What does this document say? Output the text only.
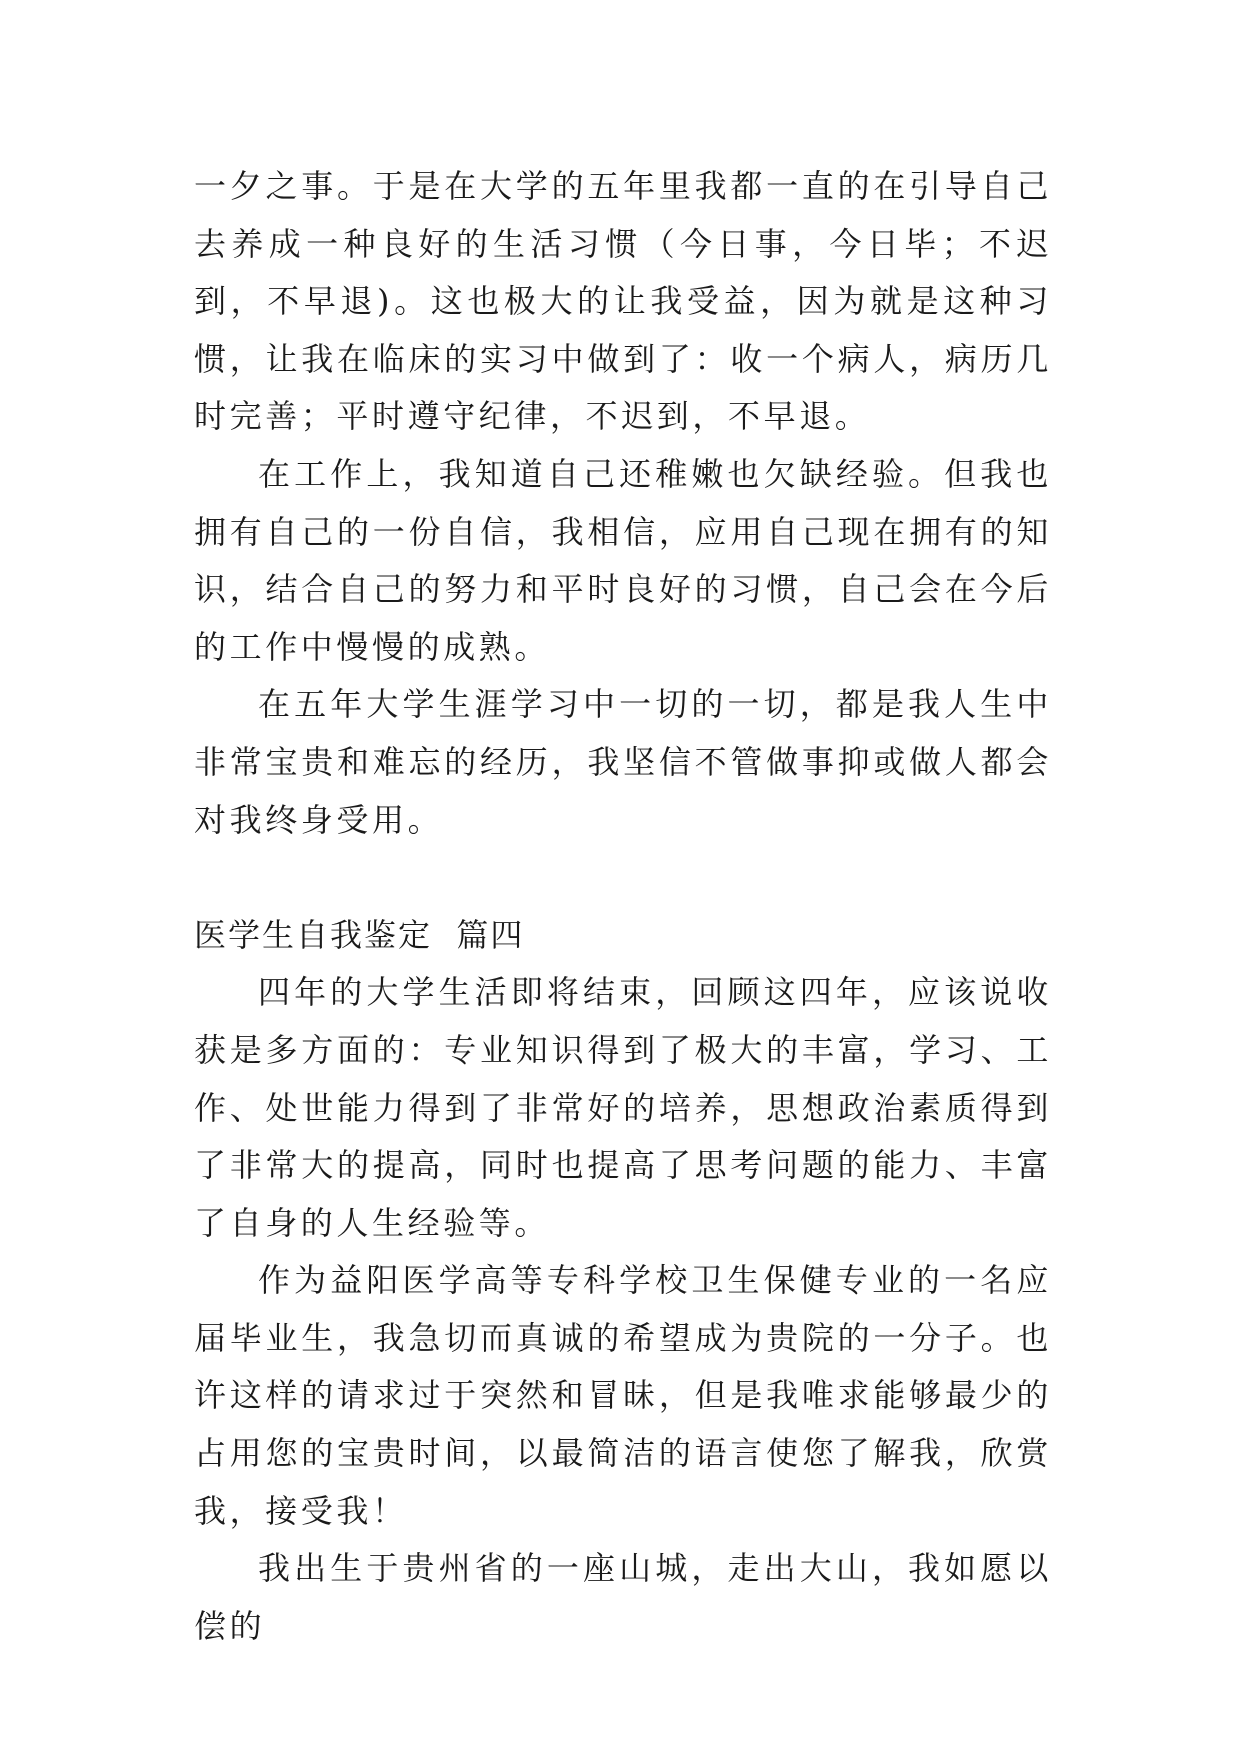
一夕之事。于是在大学的五年里我都一直的在引导自己去养成一种良好的生活习惯（今日事，今日毕；不迟到，不早退)。这也极大的让我受益，因为就是这种习惯，让我在临床的实习中做到了：收一个病人，病历几时完善；平时遵守纪律，不迟到，不早退。

在工作上，我知道自己还稚嫩也欠缺经验。但我也拥有自己的一份自信，我相信，应用自己现在拥有的知识，结合自己的努力和平时良好的习惯，自己会在今后的工作中慢慢的成熟。

在五年大学生涯学习中一切的一切，都是我人生中非常宝贵和难忘的经历，我坚信不管做事抑或做人都会对我终身受用。

医学生自我鉴定  篇四

四年的大学生活即将结束，回顾这四年，应该说收获是多方面的：专业知识得到了极大的丰富，学习、工作、处世能力得到了非常好的培养，思想政治素质得到了非常大的提高，同时也提高了思考问题的能力、丰富了自身的人生经验等。

作为益阳医学高等专科学校卫生保健专业的一名应届毕业生，我急切而真诚的希望成为贵院的一分子。也许这样的请求过于突然和冒昧，但是我唯求能够最少的占用您的宝贵时间，以最简洁的语言使您了解我，欣赏我，接受我！

我出生于贵州省的一座山城，走出大山，我如愿以偿的
